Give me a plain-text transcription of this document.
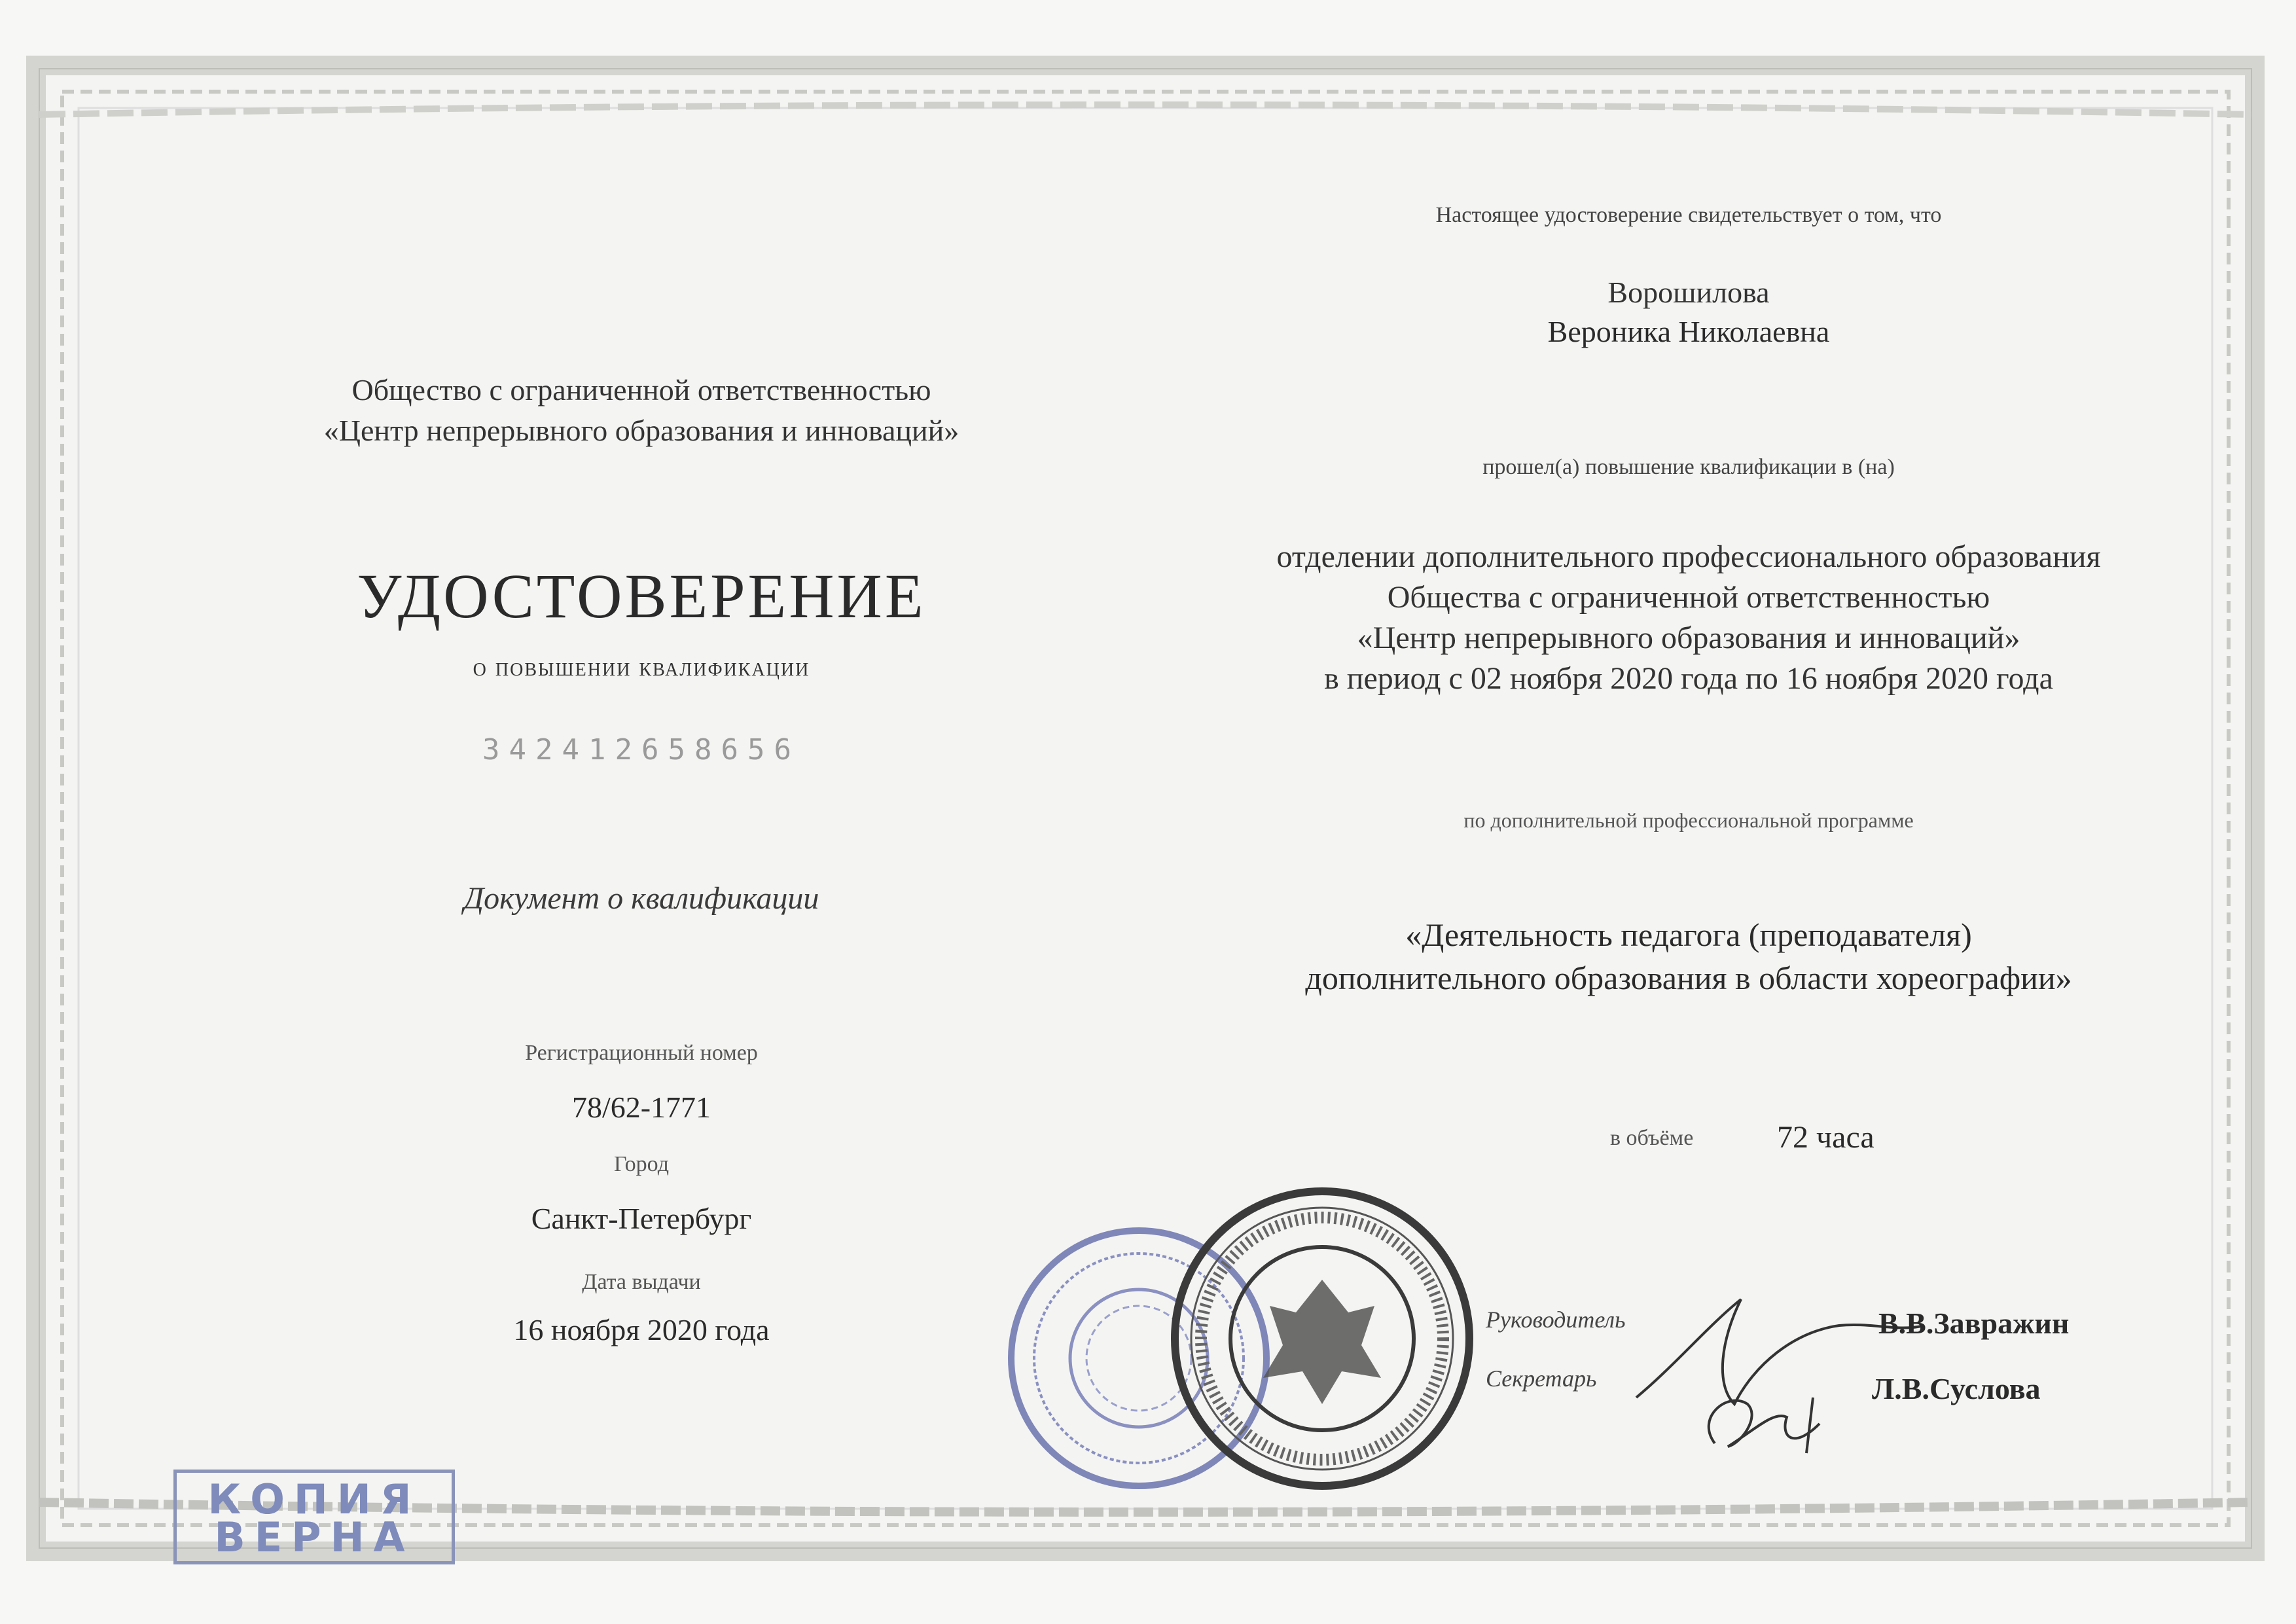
КОПИЯ
ВЕРНА
Общество с ограниченной ответственностью
«Центр непрерывного образования и инноваций»
УДОСТОВЕРЕНИЕ
о повышении квалификации
342412658656
Документ о квалификации
Регистрационный номер
78/62-1771
Город
Санкт-Петербург
Дата выдачи
16 ноября 2020 года
Настоящее удостоверение свидетельствует о том, что
Ворошилова
Вероника Николаевна
прошел(а) повышение квалификации в (на)
отделении дополнительного профессионального образования
Общества с ограниченной ответственностью
«Центр непрерывного образования и инноваций»
в период с 02 ноября 2020 года по 16 ноября 2020 года
по дополнительной профессиональной программе
«Деятельность педагога (преподавателя)
дополнительного образования в области хореографии»
в объёме	72 часа
Руководитель
Секретарь
В.В.Завражин
Л.В.Суслова
